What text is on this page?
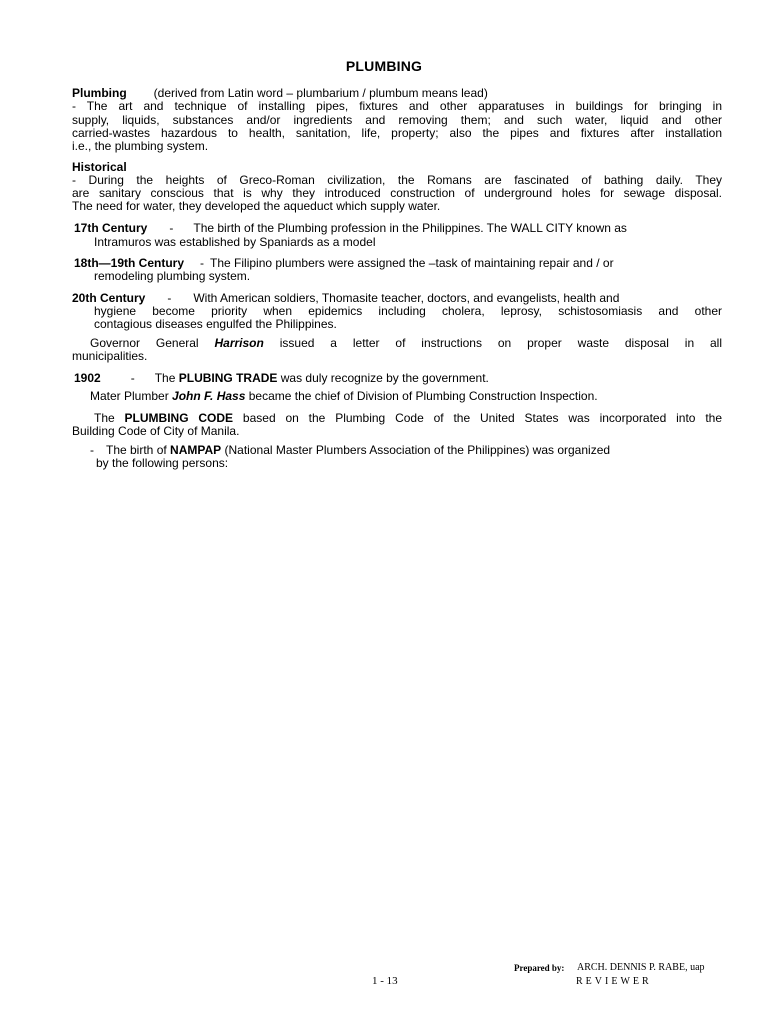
PLUMBING
Plumbing (derived from Latin word – plumbarium / plumbum means lead)
- The art and technique of installing pipes, fixtures and other apparatuses in buildings for bringing in
supply, liquids, substances and/or ingredients and removing them; and such water, liquid and other
carried-wastes hazardous to health, sanitation, life, property; also the pipes and fixtures after installation
i.e., the plumbing system.
Historical
- During the heights of Greco-Roman civilization, the Romans are fascinated of bathing daily. They
are sanitary conscious that is why they introduced construction of underground holes for sewage disposal.
The need for water, they developed the aqueduct which supply water.
17th Century - The birth of the Plumbing profession in the Philippines. The WALL CITY known as
Intramuros was established by Spaniards as a model
18th—19th Century - The Filipino plumbers were assigned the –task of maintaining repair and / or
remodeling plumbing system.
20th Century - With American soldiers, Thomasite teacher, doctors, and evangelists, health and
hygiene become priority when epidemics including cholera, leprosy, schistosomiasis and other
contagious diseases engulfed the Philippines.
Governor General Harrison issued a letter of instructions on proper waste disposal in all
municipalities.
1902	- The PLUBING TRADE was duly recognize by the government.
Mater Plumber John F. Hass became the chief of Division of Plumbing Construction Inspection.
The PLUMBING CODE based on the Plumbing Code of the United States was incorporated into the
Building Code of City of Manila.
- The birth of NAMPAP (National Master Plumbers Association of the Philippines) was organized
by the following persons:
Prepared by: ARCH. DENNIS P. RABE, uap
1 - 13	REVIEWER
